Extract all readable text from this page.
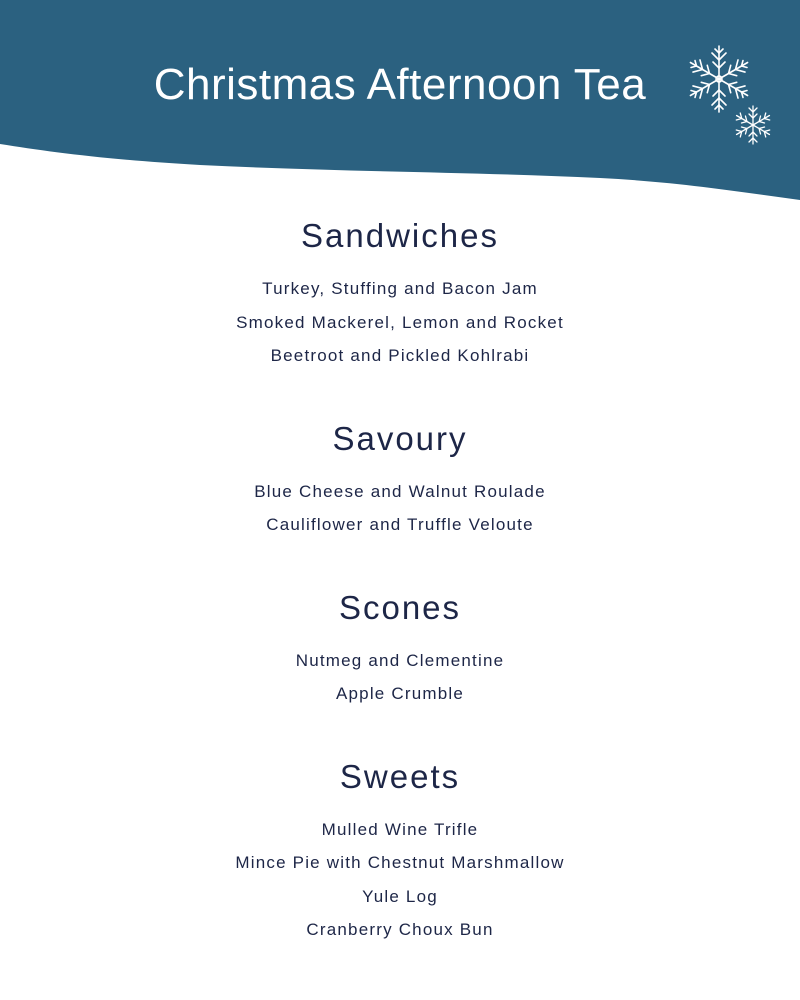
Christmas Afternoon Tea
Sandwiches

Turkey, Stuffing and Bacon Jam

Smoked Mackerel, Lemon and Rocket

Beetroot and Pickled Kohlrabi

Savoury

Blue Cheese and Walnut Roulade

Cauliflower and Truffle Veloute

Scones

Nutmeg and Clementine

Apple Crumble

Sweets

Mulled Wine Trifle

Mince Pie with Chestnut Marshmallow

Yule Log

Cranberry Choux Bun
